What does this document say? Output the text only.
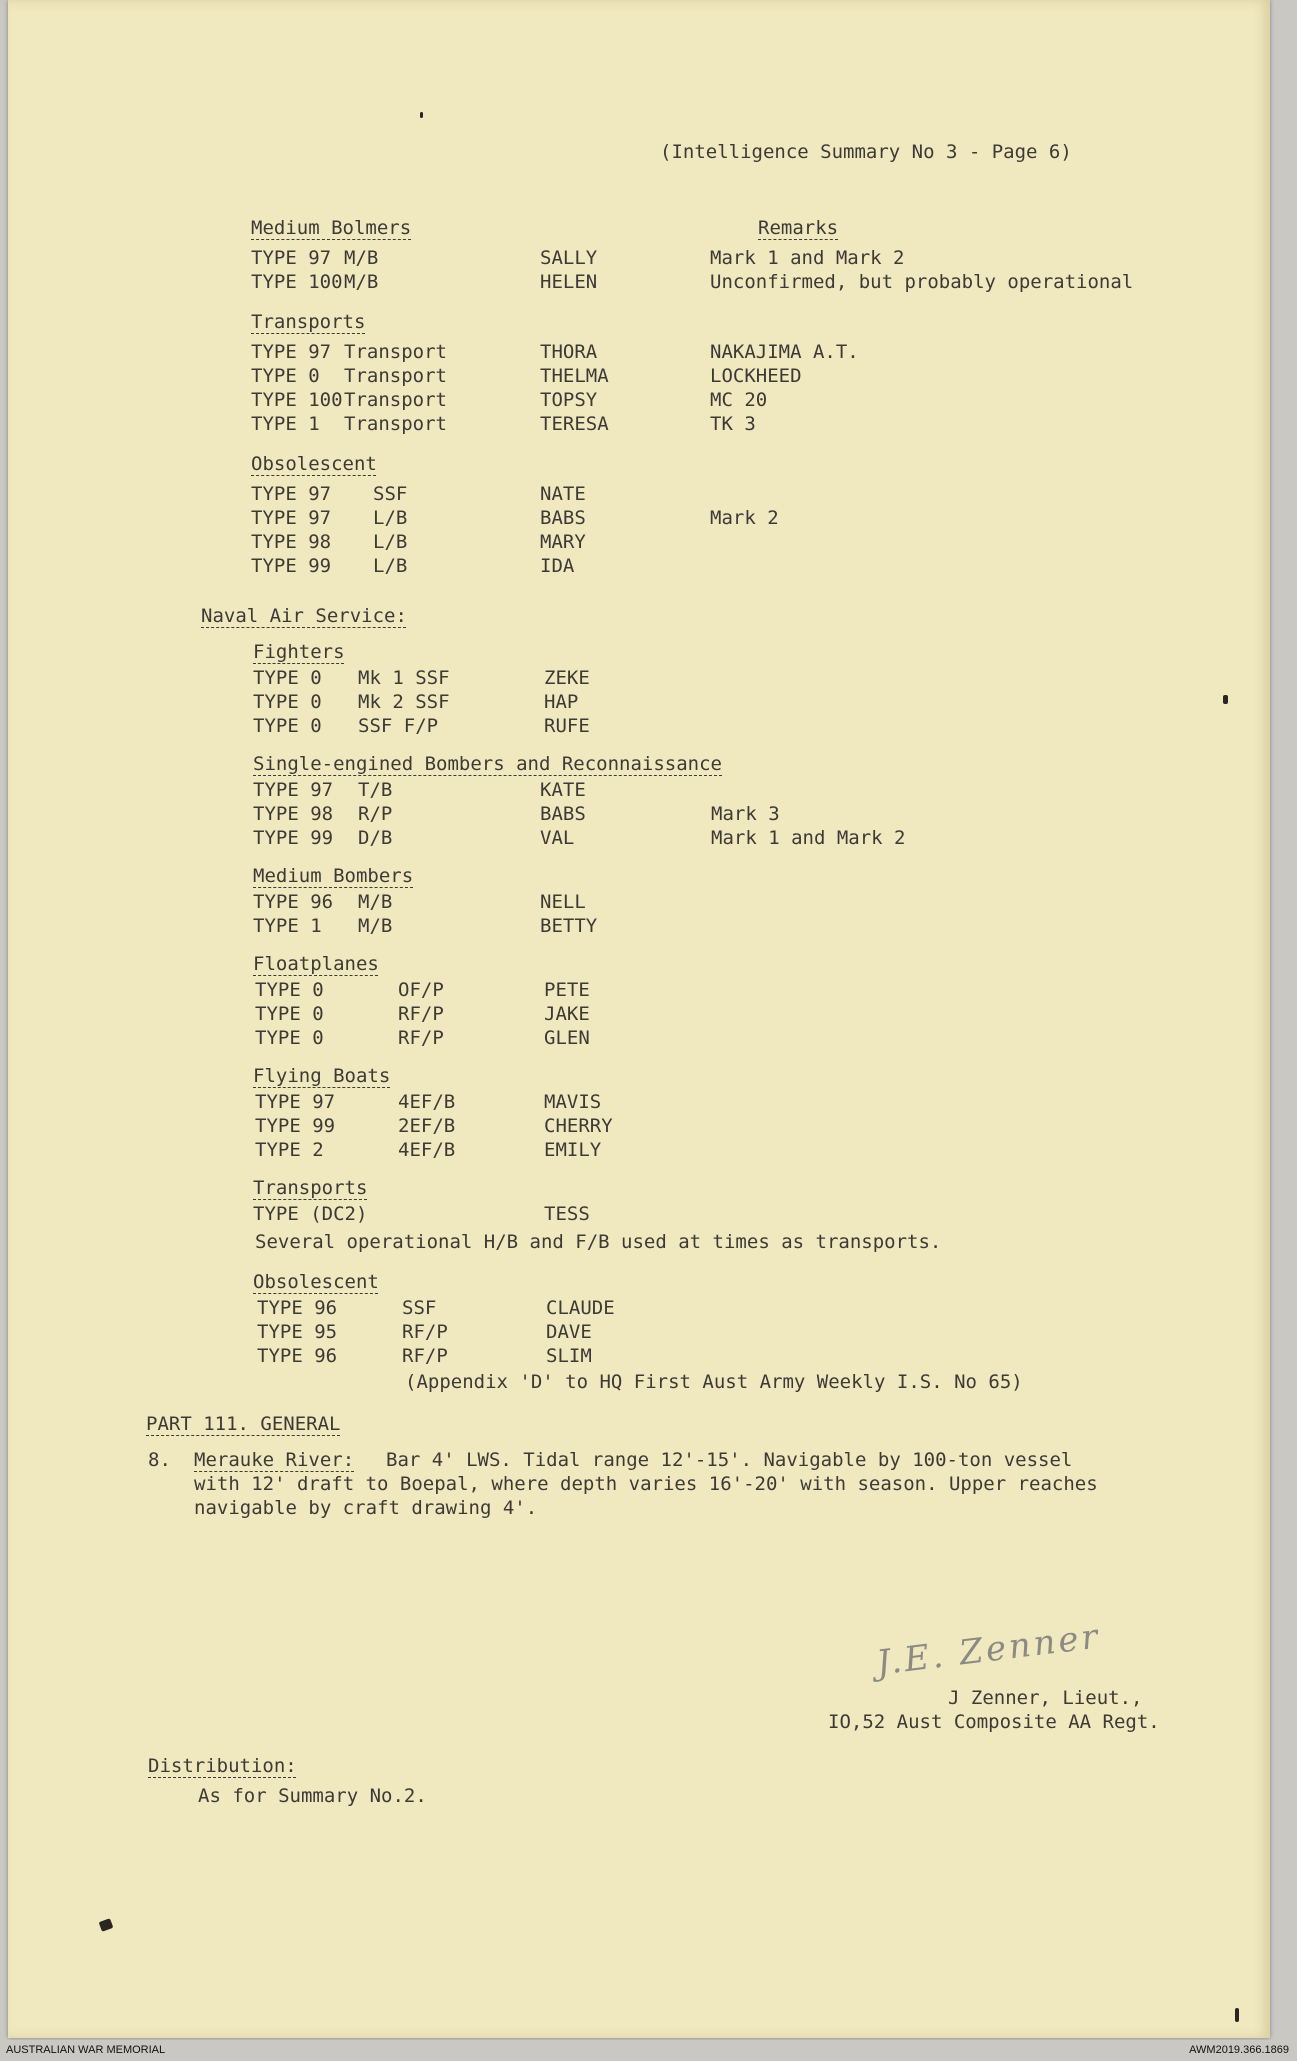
(Intelligence Summary No 3 - Page 6)
Remarks
Medium Bolmers
TYPE 97 M/B	SALLY	Mark 1 and Mark 2
TYPE 100 M/B	HELEN	Unconfirmed, but probably operational
Transports
TYPE 97 Transport	THORA	NAKAJIMA A.T.
TYPE 0 Transport	THELMA	LOCKHEED
TYPE 100 Transport	TOPSY	MC 20
TYPE 1 Transport	TERESA	TK 3
Obsolescent
TYPE 97 SSF	NATE
TYPE 97 L/B	BABS	Mark 2
TYPE 98 L/B	MARY
TYPE 99 L/B	IDA
Naval Air Service:
Fighters
TYPE 0 Mk 1 SSF	ZEKE
TYPE 0 Mk 2 SSF	HAP
TYPE 0 SSF F/P	RUFE
Single-engined Bombers and Reconnaissance
TYPE 97 T/B	KATE
TYPE 98 R/P	BABS	Mark 3
TYPE 99 D/B	VAL	Mark 1 and Mark 2
Medium Bombers
TYPE 96 M/B	NELL
TYPE 1 M/B	BETTY
Floatplanes
TYPE 0	OF/P	PETE
TYPE 0	RF/P	JAKE
TYPE 0	RF/P	GLEN
Flying Boats
TYPE 97	4EF/B	MAVIS
TYPE 99	2EF/B	CHERRY
TYPE 2	4EF/B	EMILY
Transports
TYPE (DC2)	TESS
Several operational H/B and F/B used at times as transports.
Obsolescent
TYPE 96	SSF	CLAUDE
TYPE 95	RF/P	DAVE
TYPE 96	RF/P	SLIM
(Appendix 'D' to HQ First Aust Army Weekly I.S. No 65)
PART 111. GENERAL
8. Merauke River: Bar 4' LWS. Tidal range 12'-15'. Navigable by 100-ton vessel
with 12' draft to Boepal, where depth varies 16'-20' with season. Upper reaches
navigable by craft drawing 4'.
J.E. Zenner
J Zenner, Lieut.,
IO,52 Aust Composite AA Regt.
Distribution:
As for Summary No.2.
AUSTRALIAN WAR MEMORIAL	AWM2019.366.1869
